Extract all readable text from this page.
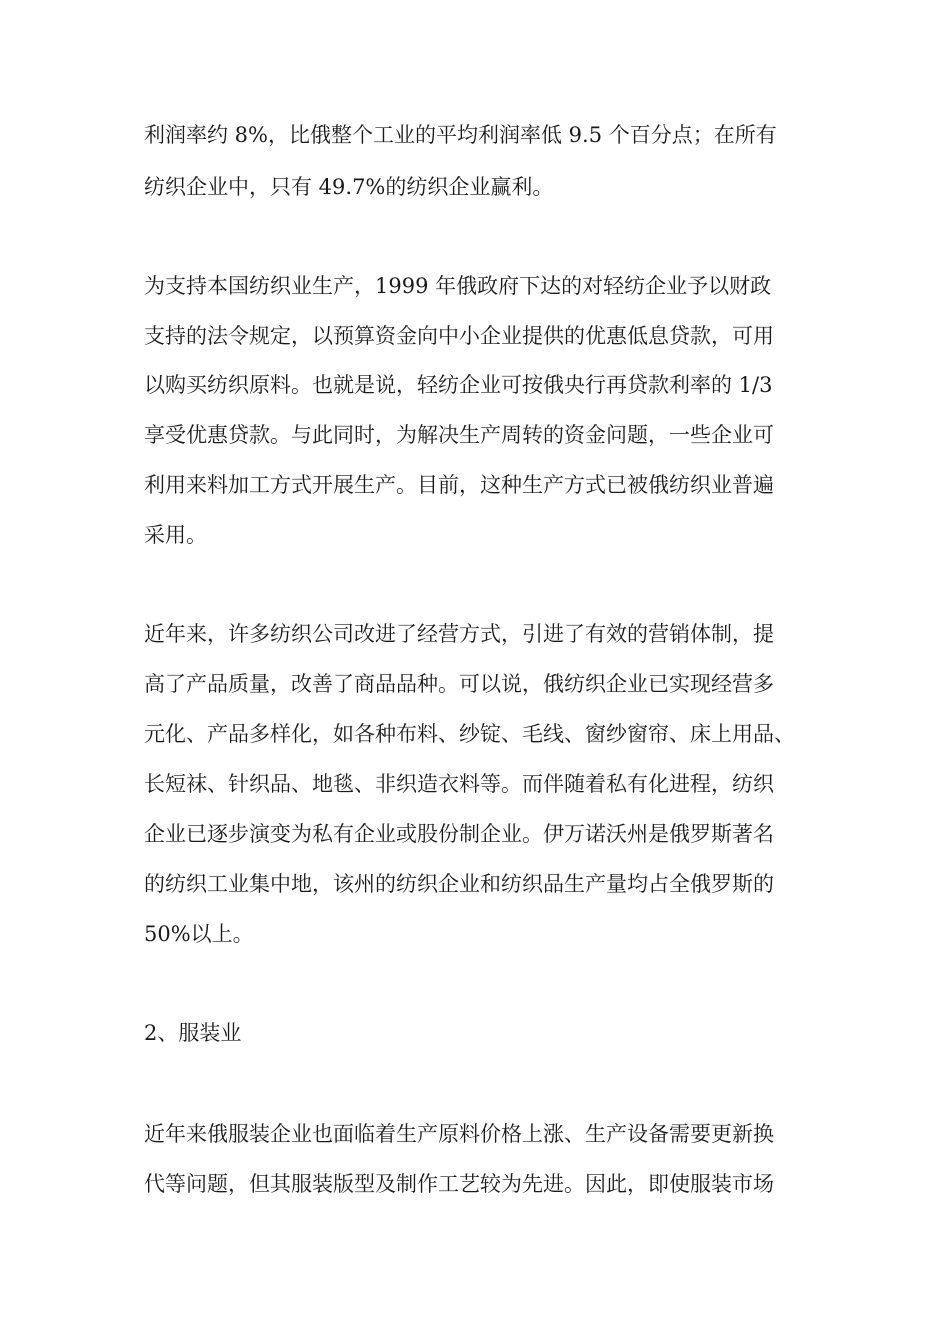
利润率约 8%，比俄整个工业的平均利润率低 9.5 个百分点；在所有
纺织企业中，只有 49.7%的纺织企业赢利。
为支持本国纺织业生产，1999 年俄政府下达的对轻纺企业予以财政
支持的法令规定，以预算资金向中小企业提供的优惠低息贷款，可用
以购买纺织原料。也就是说，轻纺企业可按俄央行再贷款利率的 1/3
享受优惠贷款。与此同时，为解决生产周转的资金问题，一些企业可
利用来料加工方式开展生产。目前，这种生产方式已被俄纺织业普遍
采用。
近年来，许多纺织公司改进了经营方式，引进了有效的营销体制，提
高了产品质量，改善了商品品种。可以说，俄纺织企业已实现经营多
元化、产品多样化，如各种布料、纱锭、毛线、窗纱窗帘、床上用品、
长短袜、针织品、地毯、非织造衣料等。而伴随着私有化进程，纺织
企业已逐步演变为私有企业或股份制企业。伊万诺沃州是俄罗斯著名
的纺织工业集中地，该州的纺织企业和纺织品生产量均占全俄罗斯的
50%以上。
2、服装业
近年来俄服装企业也面临着生产原料价格上涨、生产设备需要更新换
代等问题，但其服装版型及制作工艺较为先进。因此，即使服装市场
